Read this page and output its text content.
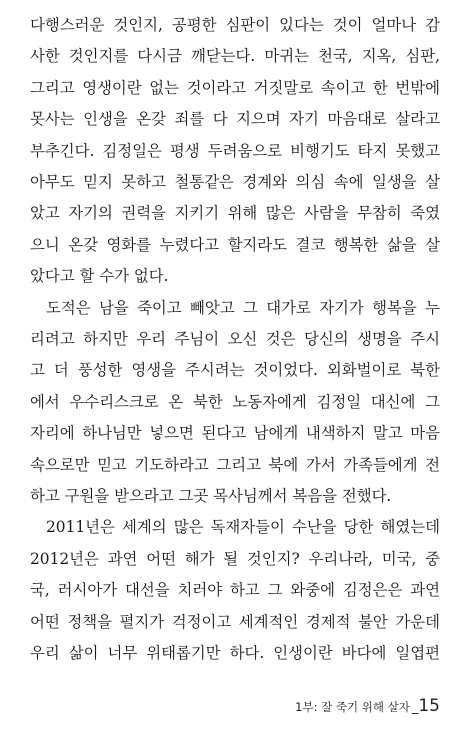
다행스러운 것인지, 공평한 심판이 있다는 것이 얼마나 감
사한 것인지를 다시금 깨닫는다. 마귀는 천국, 지옥, 심판,
그리고 영생이란 없는 것이라고 거짓말로 속이고 한 번밖에
못사는 인생을 온갖 죄를 다 지으며 자기 마음대로 살라고
부추긴다. 김정일은 평생 두려움으로 비행기도 타지 못했고
아무도 믿지 못하고 철통같은 경계와 의심 속에 일생을 살
았고 자기의 권력을 지키기 위해 많은 사람을 무참히 죽였
으니 온갖 영화를 누렸다고 할지라도 결코 행복한 삶을 살
았다고 할 수가 없다.
도적은 남을 죽이고 빼앗고 그 대가로 자기가 행복을 누
리려고 하지만 우리 주님이 오신 것은 당신의 생명을 주시
고 더 풍성한 영생을 주시려는 것이었다. 외화벌이로 북한
에서 우수리스크로 온 북한 노동자에게 김정일 대신에 그
자리에 하나님만 넣으면 된다고 남에게 내색하지 말고 마음
속으로만 믿고 기도하라고 그리고 북에 가서 가족들에게 전
하고 구원을 받으라고 그곳 목사님께서 복음을 전했다.
2011년은 세계의 많은 독재자들이 수난을 당한 해였는데
2012년은 과연 어떤 해가 될 것인지? 우리나라, 미국, 중
국, 러시아가 대선을 치러야 하고 그 와중에 김정은은 과연
어떤 정책을 펼지가 걱정이고 세계적인 경제적 불안 가운데
우리 삶이 너무 위태롭기만 하다. 인생이란 바다에 일엽편
1부: 잘 죽기 위해 살자 _15
